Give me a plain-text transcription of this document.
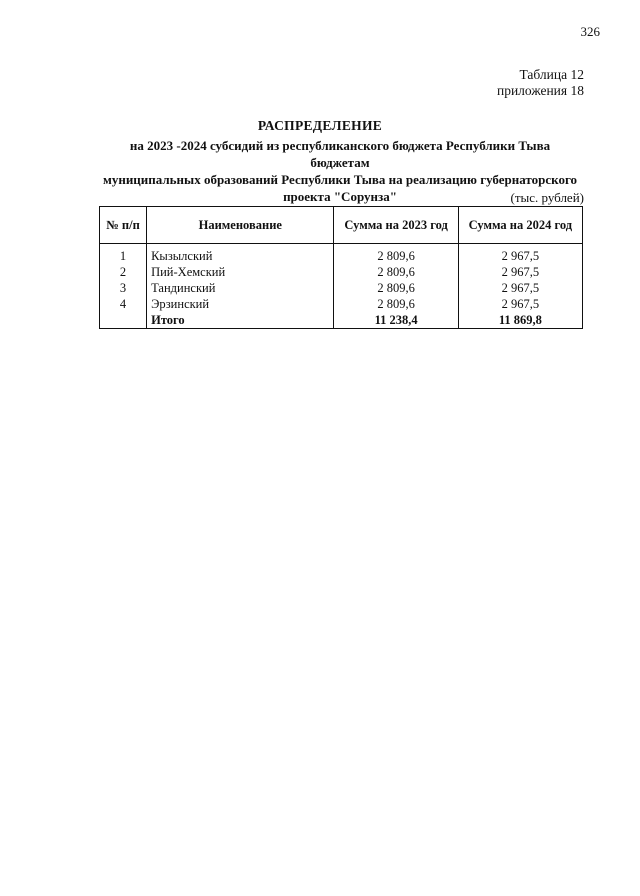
326
Таблица 12
приложения 18
РАСПРЕДЕЛЕНИЕ
на 2023 -2024 субсидий из республиканского бюджета Республики Тыва бюджетам
муниципальных образований Республики Тыва на реализацию губернаторского
проекта "Сорунза"	(тыс. рублей)
№ п/п	Наименование	Сумма на 2023 год	Сумма на 2024 год

1	Кызылский	2 809,6	2 967,5
2	Пий-Хемский	2 809,6	2 967,5
3	Тандинский	2 809,6	2 967,5
4	Эрзинский	2 809,6	2 967,5
	Итого	11 238,4	11 869,8
